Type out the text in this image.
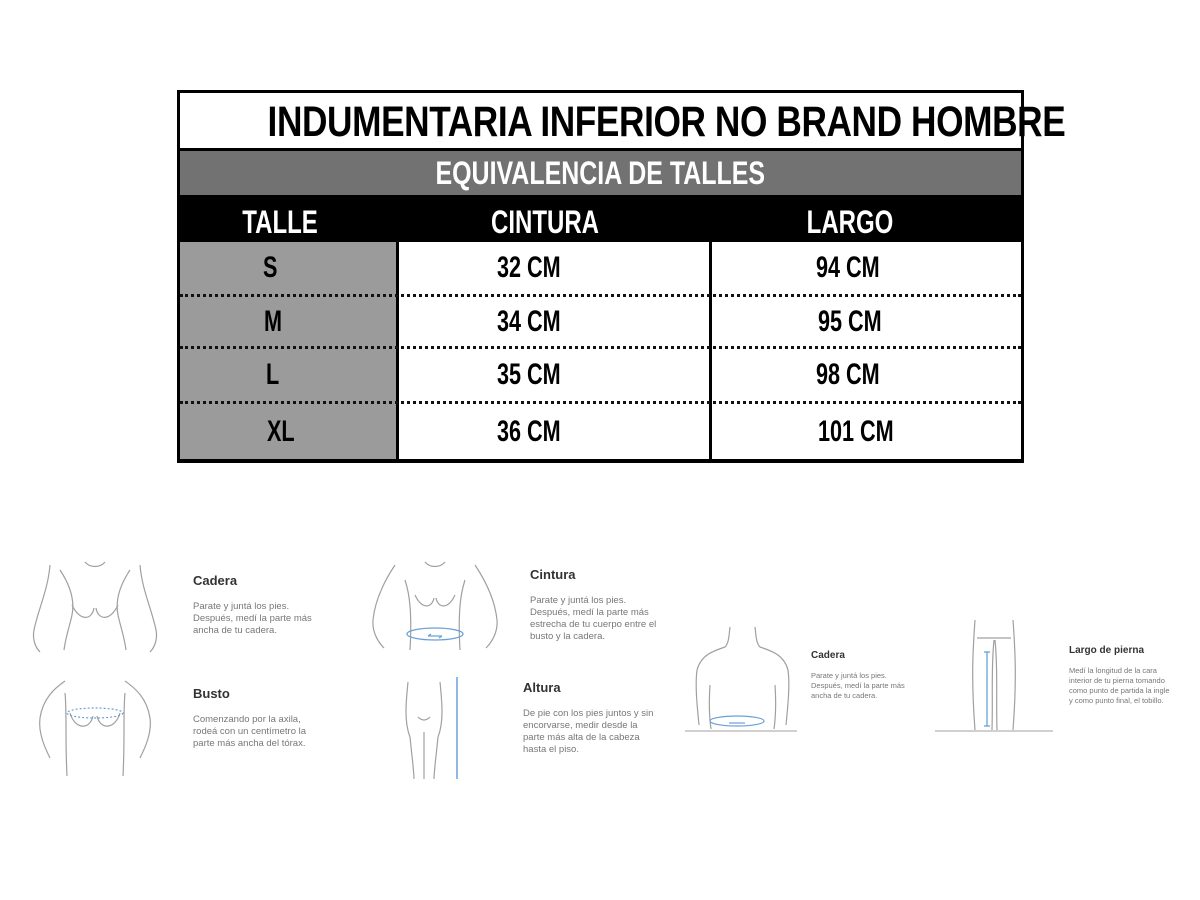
INDUMENTARIA INFERIOR NO BRAND HOMBRE
EQUIVALENCIA DE TALLES
TALLE	CINTURA	LARGO
S	32 CM	94 CM
M	34 CM	95 CM
L	35 CM	98 CM
XL	36 CM	101 CM

Cadera

Parate y juntá los pies.
Después, medí la parte más
ancha de tu cadera.

Busto

Comenzando por la axila,
rodeá con un centímetro la
parte más ancha del tórax.

Cintura

Parate y juntá los pies.
Después, medí la parte más
estrecha de tu cuerpo entre el
busto y la cadera.

Altura

De pie con los pies juntos y sin
encorvarse, medir desde la
parte más alta de la cabeza
hasta el piso.

Cadera

Parate y juntá los pies.
Después, medí la parte más
ancha de tu cadera.

Largo de pierna

Medí la longitud de la cara
interior de tu pierna tomando
como punto de partida la ingle
y como punto final, el tobillo.
